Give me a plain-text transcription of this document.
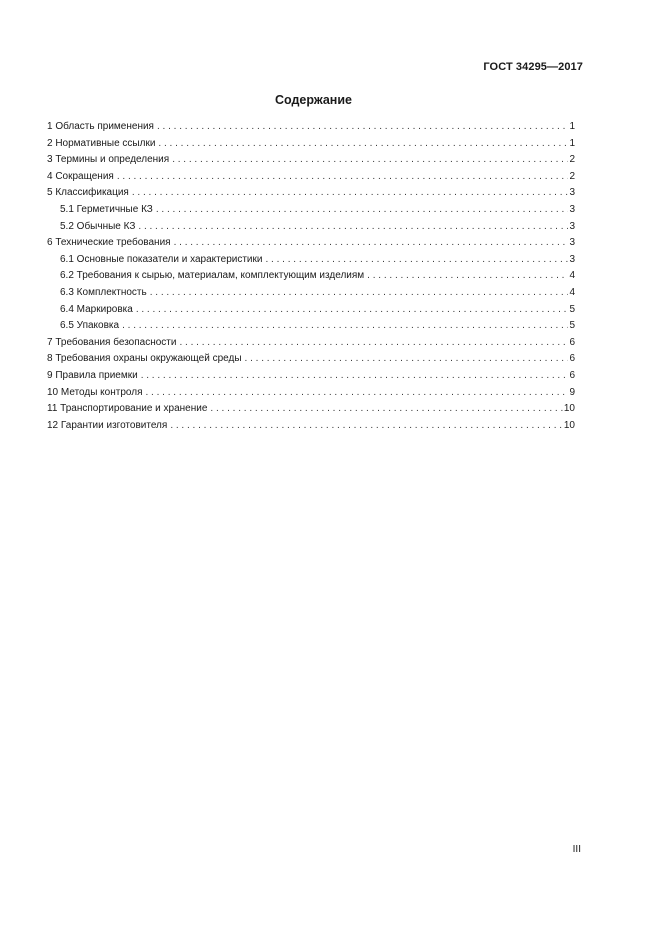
ГОСТ 34295—2017
Содержание
1 Область применения . . .	1
2 Нормативные ссылки . . .	1
3 Термины и определения . . .	2
4 Сокращения . . .	2
5 Классификация . . .	3
5.1 Герметичные КЗ . . .	3
5.2 Обычные КЗ . . .	3
6 Технические требования . . .	3
6.1 Основные показатели и характеристики . . .	3
6.2 Требования к сырью, материалам, комплектующим изделиям . . .	4
6.3 Комплектность . . .	4
6.4 Маркировка . . .	5
6.5 Упаковка . . .	5
7 Требования безопасности . . .	6
8 Требования охраны окружающей среды . . .	6
9 Правила приемки . . .	6
10 Методы контроля . . .	9
11 Транспортирование и хранение . . .	10
12 Гарантии изготовителя . . .	10
III
